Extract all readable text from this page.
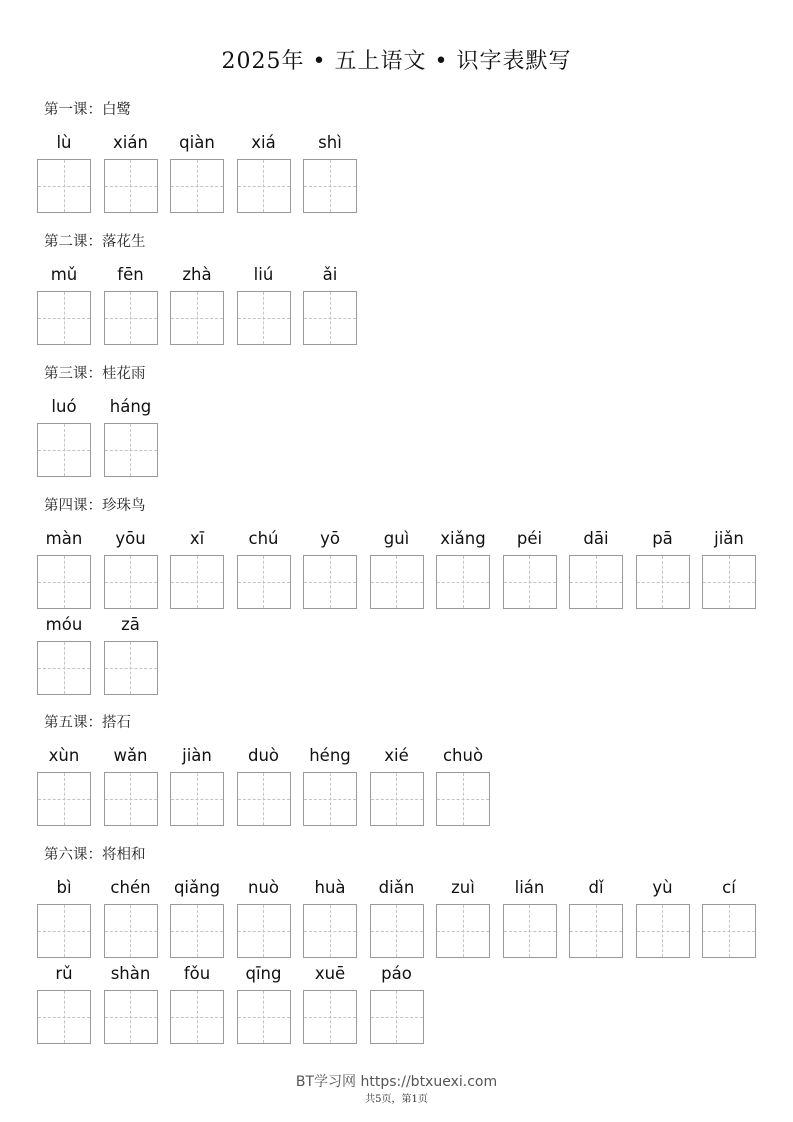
2025年 • 五上语文 • 识字表默写
第一课：白鹭
lù	xián	qiàn	xiá	shì
第二课：落花生
mǔ	fēn	zhà	liú	ǎi
第三课：桂花雨
luó	háng
第四课：珍珠鸟
màn	yōu	xī	chú	yō	guì	xiǎng	péi	dāi	pā	jiǎn
móu	zā
第五课：搭石
xùn	wǎn	jiàn	duò	héng	xié	chuò
第六课：将相和
bì	chén	qiǎng	nuò	huà	diǎn	zuì	lián	dǐ	yù	cí
rǔ	shàn	fǒu	qīng	xuē	páo
BT学习网 https://btxuexi.com
共5页，第1页
